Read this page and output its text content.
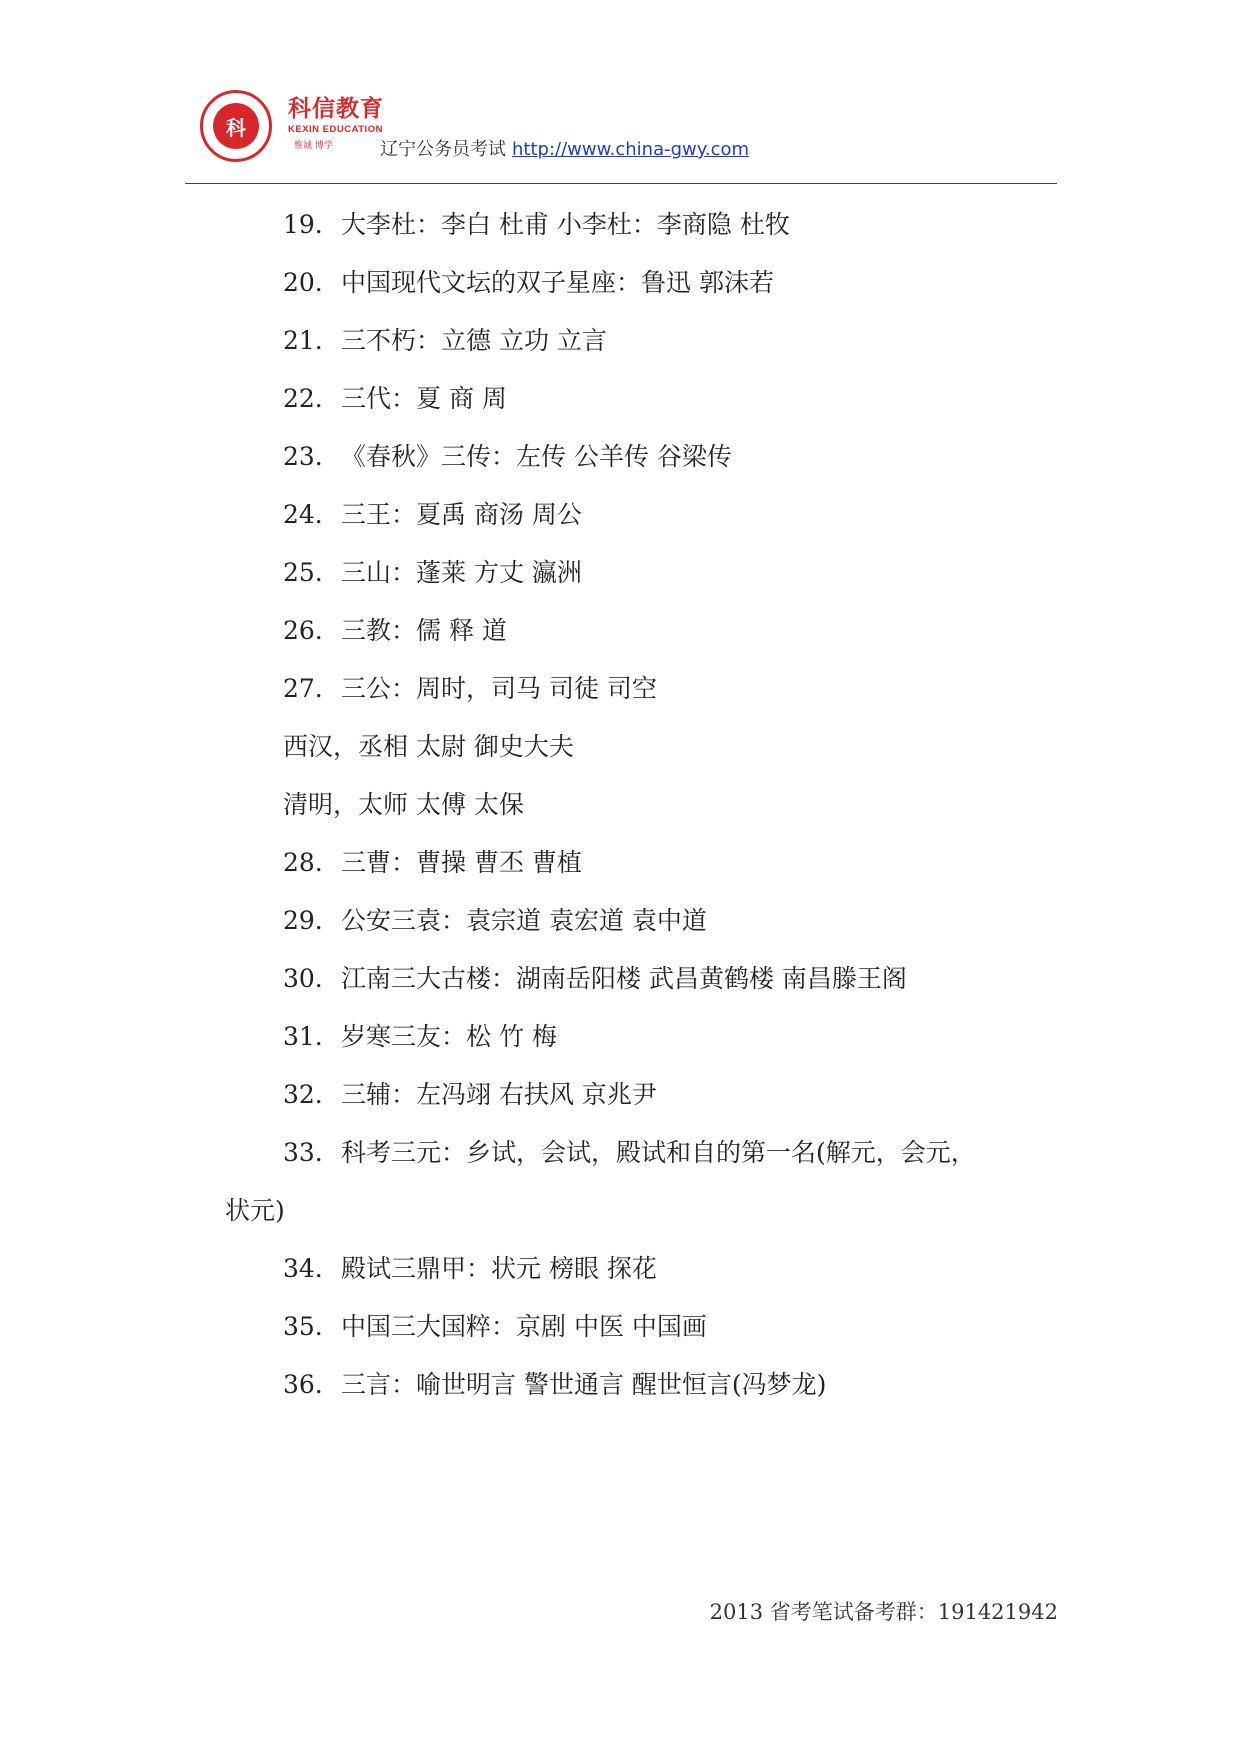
科
科信教育
KEXIN EDUCATION
惟诚 博学	辽宁公务员考试 http://www.china-gwy.com
19. 大李杜：李白 杜甫 小李杜：李商隐 杜牧
20. 中国现代文坛的双子星座：鲁迅 郭沫若
21. 三不朽：立德 立功 立言
22. 三代：夏 商 周
23. 《春秋》三传：左传 公羊传 谷梁传
24. 三王：夏禹 商汤 周公
25. 三山：蓬莱 方丈 瀛洲
26. 三教：儒 释 道
27. 三公：周时，司马 司徒 司空
西汉，丞相 太尉 御史大夫
清明，太师 太傅 太保
28. 三曹：曹操 曹丕 曹植
29. 公安三袁：袁宗道 袁宏道 袁中道
30. 江南三大古楼：湖南岳阳楼 武昌黄鹤楼 南昌滕王阁
31. 岁寒三友：松 竹 梅
32. 三辅：左冯翊 右扶风 京兆尹
33. 科考三元：乡试，会试，殿试和自的第一名(解元，会元，
状元)
34. 殿试三鼎甲：状元 榜眼 探花
35. 中国三大国粹：京剧 中医 中国画
36. 三言：喻世明言 警世通言 醒世恒言(冯梦龙)
2013 省考笔试备考群：191421942
